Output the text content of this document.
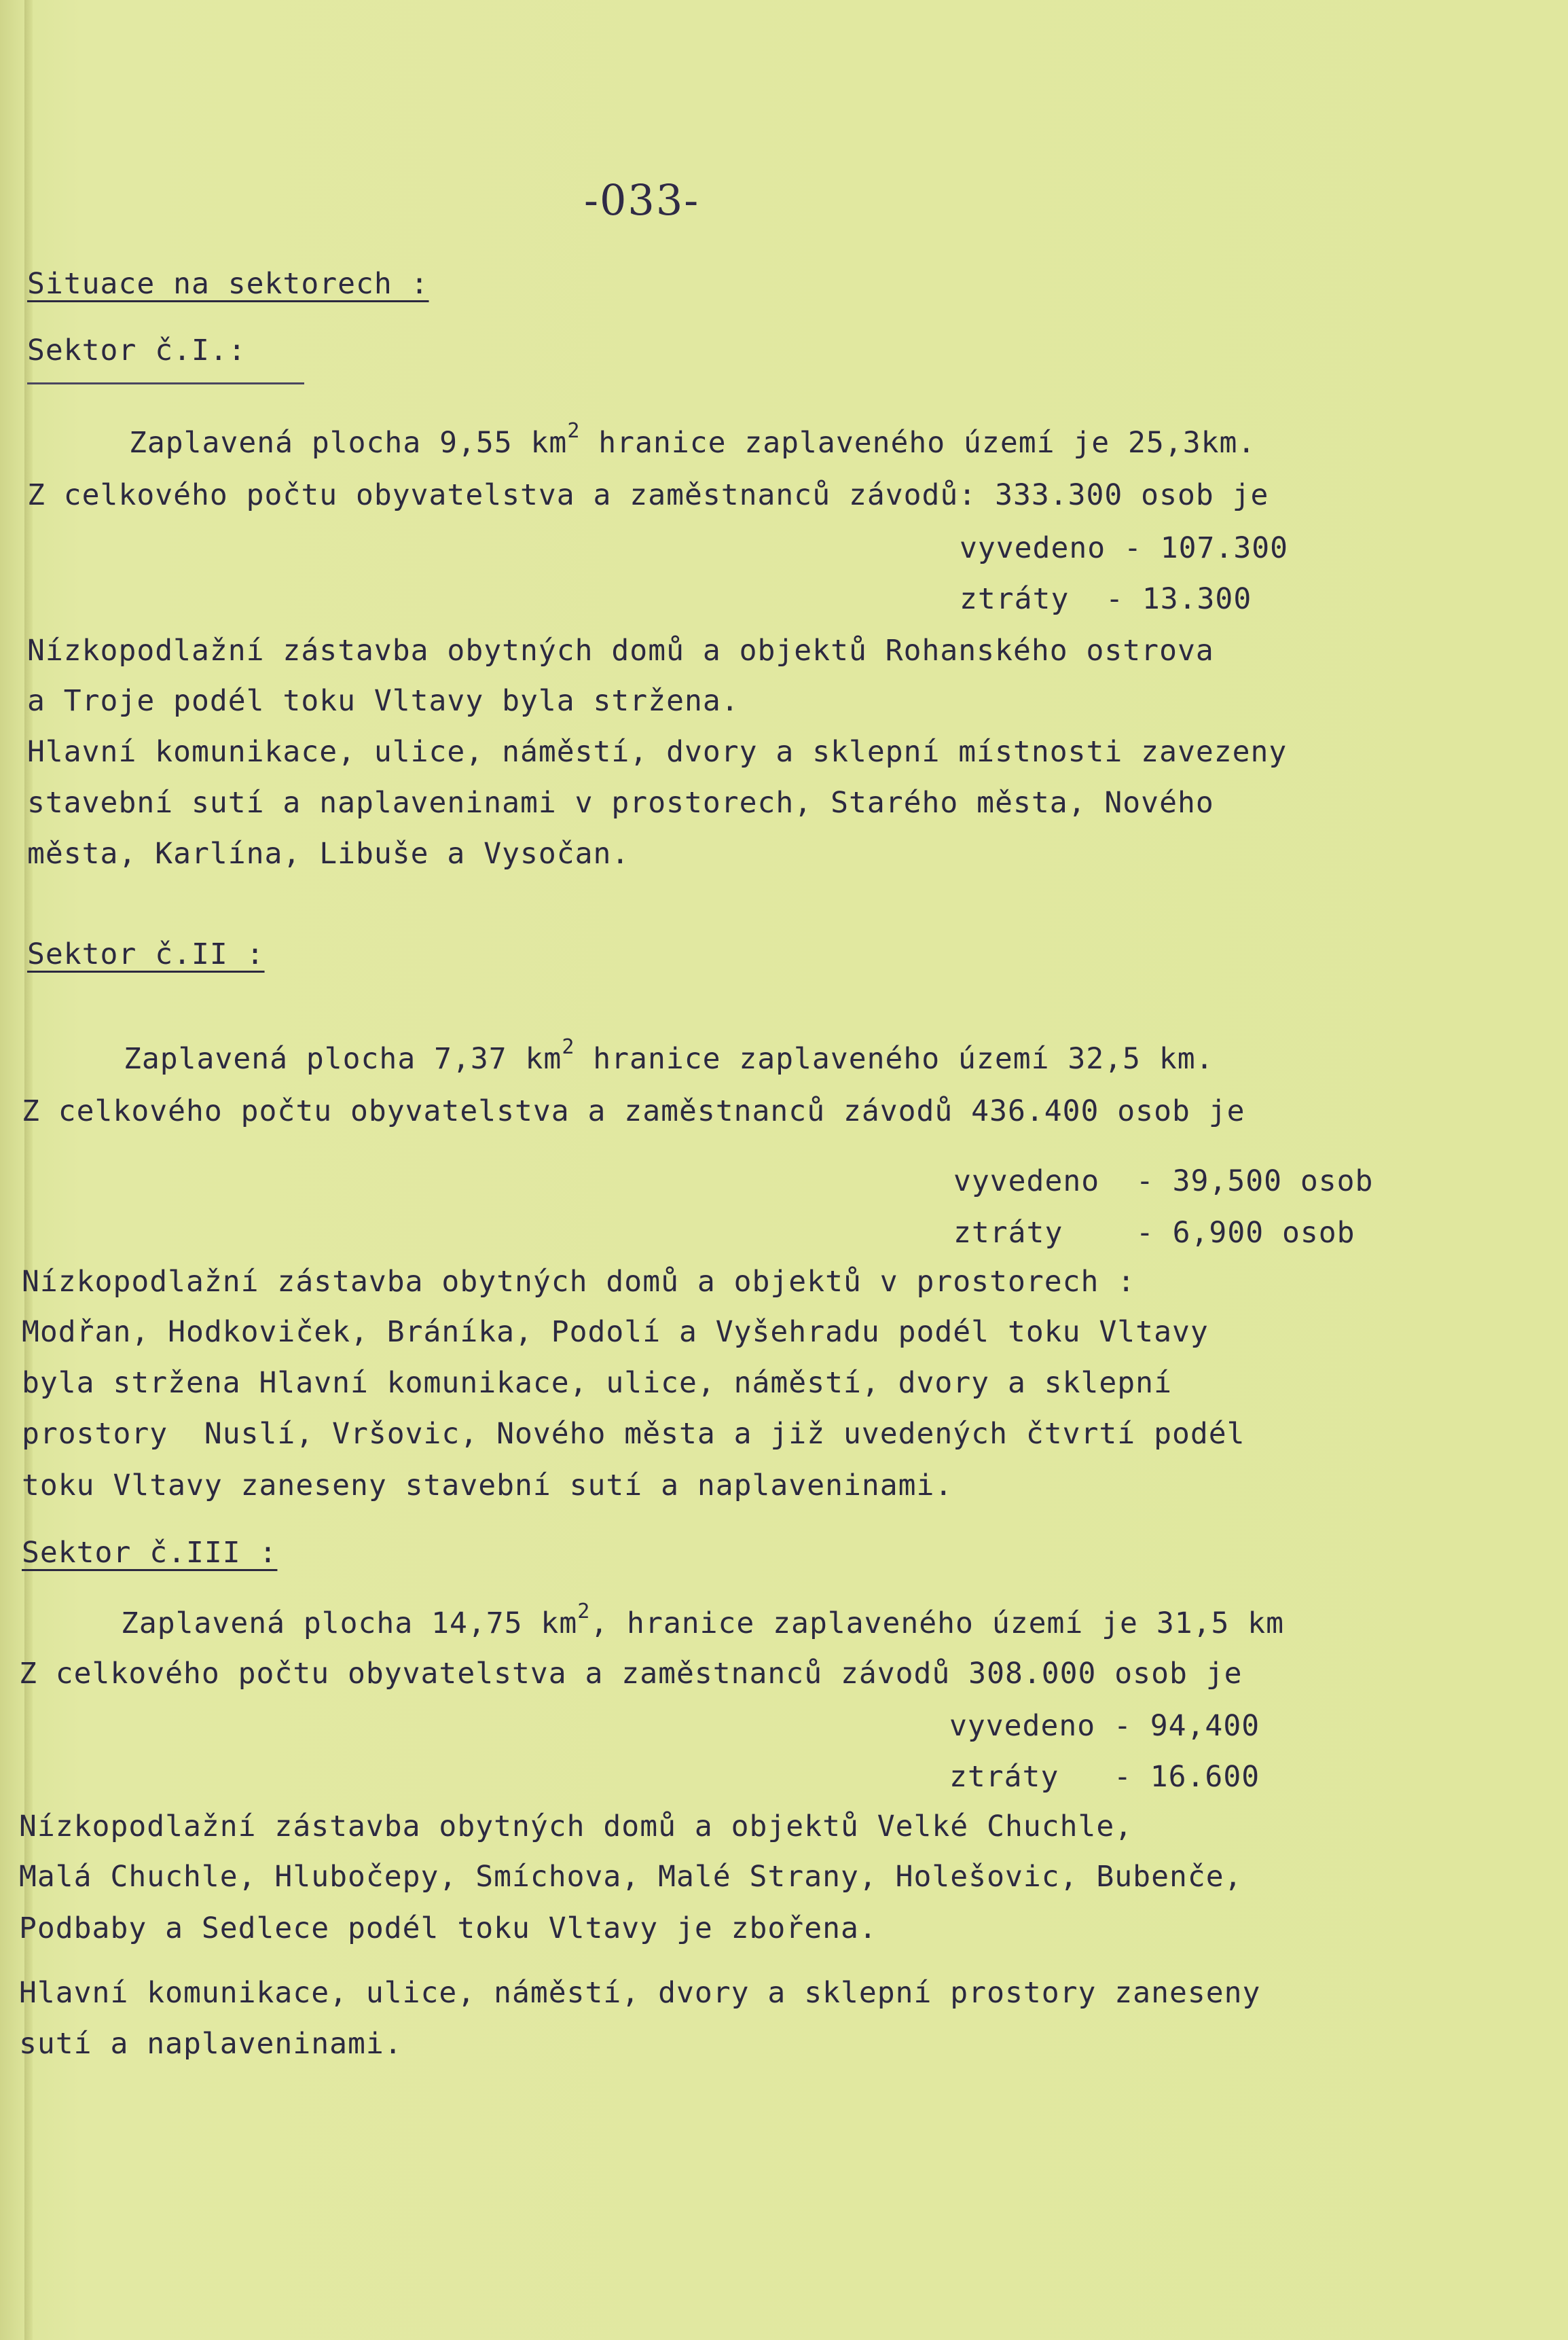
-033-
Situace na sektorech :
Sektor č.I.:
Zaplavená plocha 9,55 $km^2$ hranice zaplaveného území je 25,3km.
Z celkového počtu obyvatelstva a zaměstnanců závodů: 333.300 osob je
vyvedeno - 107.300
ztráty  - 13.300
Nízkopodlažní zástavba obytných domů a objektů Rohanského ostrova
a Troje podél toku Vltavy byla stržena.
Hlavní komunikace, ulice, náměstí, dvory a sklepní místnosti zavezeny
stavební sutí a naplaveninami v prostorech, Starého města, Nového
města, Karlína, Libuše a Vysočan.
Sektor č.II :
Zaplavená plocha 7,37 $km^2$ hranice zaplaveného území 32,5 km.
Z celkového počtu obyvatelstva a zaměstnanců závodů 436.400 osob je
vyvedeno  - 39,500 osob
ztráty    - 6,900 osob
Nízkopodlažní zástavba obytných domů a objektů v prostorech :
Modřan, Hodkoviček, Bráníka, Podolí a Vyšehradu podél toku Vltavy
byla stržena Hlavní komunikace, ulice, náměstí, dvory a sklepní
prostory  Nuslí, Vršovic, Nového města a již uvedených čtvrtí podél
toku Vltavy zaneseny stavební sutí a naplaveninami.
Sektor č.III :
Zaplavená plocha 14,75 $km^2$, hranice zaplaveného území je 31,5 km
Z celkového počtu obyvatelstva a zaměstnanců závodů 308.000 osob je
vyvedeno - 94,400
ztráty   - 16.600
Nízkopodlažní zástavba obytných domů a objektů Velké Chuchle,
Malá Chuchle, Hlubočepy, Smíchova, Malé Strany, Holešovic, Bubenče,
Podbaby a Sedlece podél toku Vltavy je zbořena.
Hlavní komunikace, ulice, náměstí, dvory a sklepní prostory zaneseny
sutí a naplaveninami.
